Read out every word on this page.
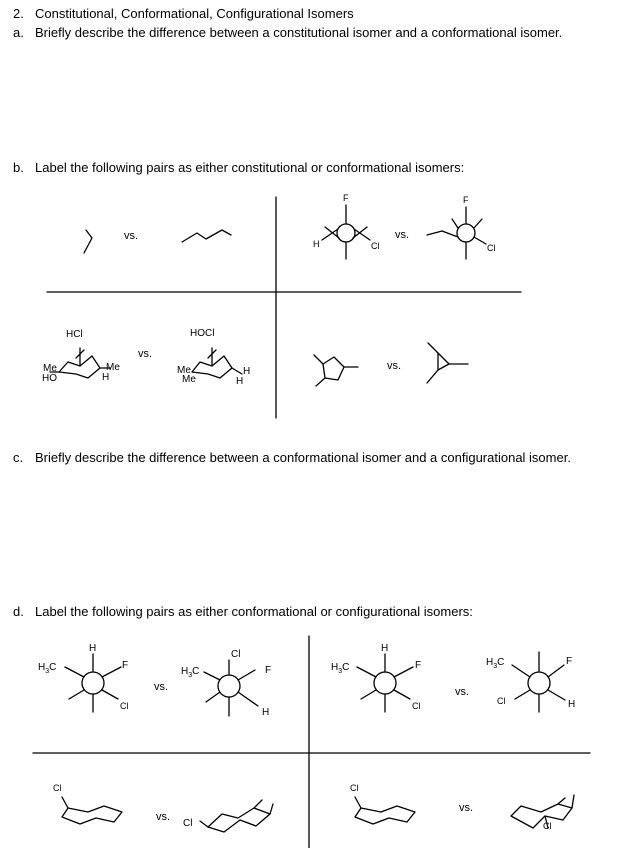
2. Constitutional, Conformational, Configurational Isomers
a. Briefly describe the difference between a constitutional isomer and a conformational isomer.
b. Label the following pairs as either constitutional or conformational isomers:
c. Briefly describe the difference between a conformational isomer and a configurational isomer.
d. Label the following pairs as either conformational or configurational isomers:
vs.
F
H	Cl
vs.
F
Cl
HCl
Me
HO
Me
H
vs.
HOCl
Me
Me
H
H
vs.
H
$H_3C$	F
Cl
vs.
Cl
$H_3C$	F
H
H
$H_3C$	F
Cl
vs.
$H_3C$	F
Cl	H
Cl
vs.
Cl
Cl
vs.
Cl
